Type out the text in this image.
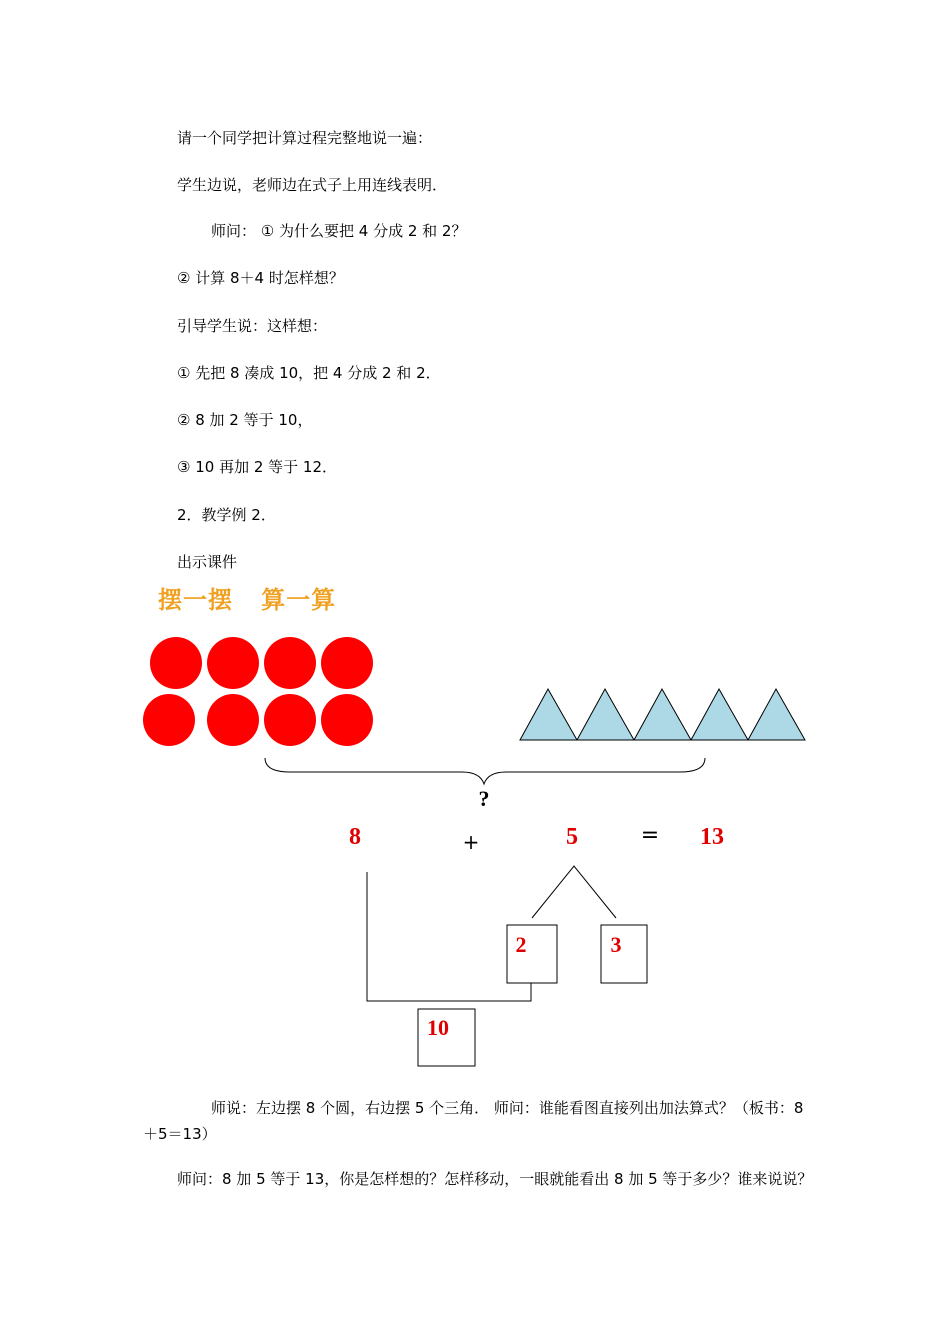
请一个同学把计算过程完整地说一遍：
学生边说，老师边在式子上用连线表明．
师问： ① 为什么要把 4 分成 2 和 2？
② 计算 8＋4 时怎样想？
引导学生说：这样想：
① 先把 8 凑成 10，把 4 分成 2 和 2．
② 8 加 2 等于 10，
③ 10 再加 2 等于 12．
2．教学例 2．
出示课件
摆一摆   算一算
?
8	+	5	= 13
2	3
10
师说：左边摆 8 个圆，右边摆 5 个三角． 师问：谁能看图直接列出加法算式？（板书：8＋5＝13）
师问：8 加 5 等于 13，你是怎样想的？怎样移动，一眼就能看出 8 加 5 等于多少？谁来说说？
